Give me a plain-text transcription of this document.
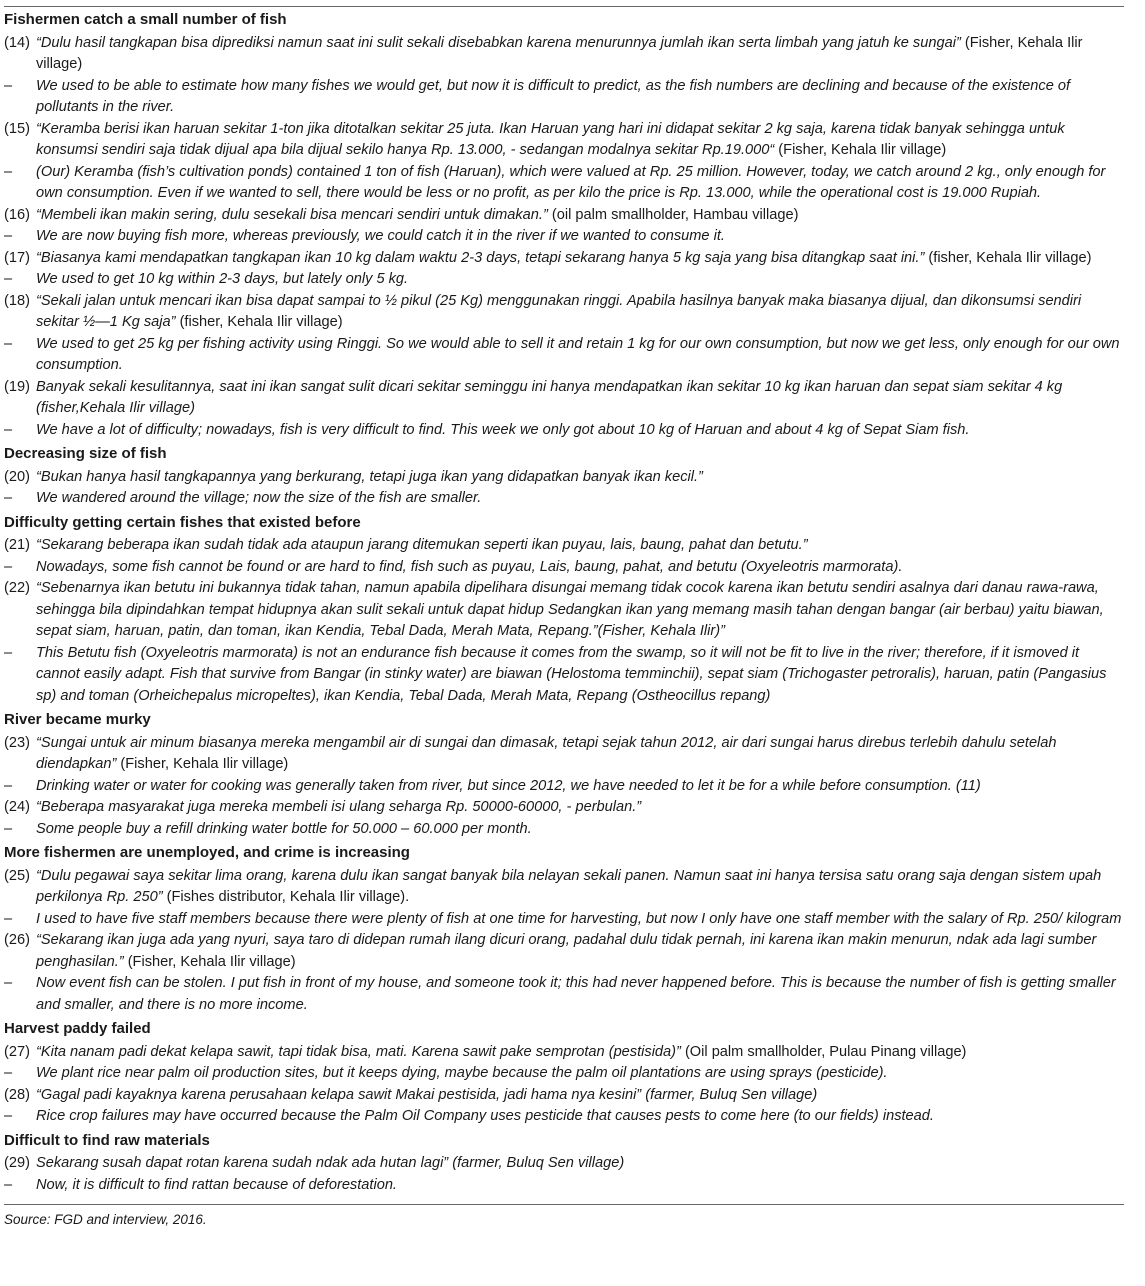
Fishermen catch a small number of fish
(14) “Dulu hasil tangkapan bisa diprediksi namun saat ini sulit sekali disebabkan karena menurunnya jumlah ikan serta limbah yang jatuh ke sungai” (Fisher, Kehala Ilir village)
– We used to be able to estimate how many fishes we would get, but now it is difficult to predict, as the fish numbers are declining and because of the existence of pollutants in the river.
(15) “Keramba berisi ikan haruan sekitar 1-ton jika ditotalkan sekitar 25 juta. Ikan Haruan yang hari ini didapat sekitar 2 kg saja, karena tidak banyak sehingga untuk konsumsi sendiri saja tidak dijual apa bila dijual sekilo hanya Rp. 13.000, - sedangan modalnya sekitar Rp.19.000“ (Fisher, Kehala Ilir village)
– (Our) Keramba (fish’s cultivation ponds) contained 1 ton of fish (Haruan), which were valued at Rp. 25 million. However, today, we catch around 2 kg., only enough for own consumption. Even if we wanted to sell, there would be less or no profit, as per kilo the price is Rp. 13.000, while the operational cost is 19.000 Rupiah.
(16) “Membeli ikan makin sering, dulu sesekali bisa mencari sendiri untuk dimakan.” (oil palm smallholder, Hambau village)
– We are now buying fish more, whereas previously, we could catch it in the river if we wanted to consume it.
(17) “Biasanya kami mendapatkan tangkapan ikan 10 kg dalam waktu 2-3 days, tetapi sekarang hanya 5 kg saja yang bisa ditangkap saat ini.” (fisher, Kehala Ilir village)
– We used to get 10 kg within 2-3 days, but lately only 5 kg.
(18) “Sekali jalan untuk mencari ikan bisa dapat sampai to ½ pikul (25 Kg) menggunakan ringgi. Apabila hasilnya banyak maka biasanya dijual, dan dikonsumsi sendiri sekitar ½—1 Kg saja” (fisher, Kehala Ilir village)
– We used to get 25 kg per fishing activity using Ringgi. So we would able to sell it and retain 1 kg for our own consumption, but now we get less, only enough for our own consumption.
(19) Banyak sekali kesulitannya, saat ini ikan sangat sulit dicari sekitar seminggu ini hanya mendapatkan ikan sekitar 10 kg ikan haruan dan sepat siam sekitar 4 kg (fisher,Kehala Ilir village)
– We have a lot of difficulty; nowadays, fish is very difficult to find. This week we only got about 10 kg of Haruan and about 4 kg of Sepat Siam fish.
Decreasing size of fish
(20) “Bukan hanya hasil tangkapannya yang berkurang, tetapi juga ikan yang didapatkan banyak ikan kecil.”
– We wandered around the village; now the size of the fish are smaller.
Difficulty getting certain fishes that existed before
(21) “Sekarang beberapa ikan sudah tidak ada ataupun jarang ditemukan seperti ikan puyau, lais, baung, pahat dan betutu.”
– Nowadays, some fish cannot be found or are hard to find, fish such as puyau, Lais, baung, pahat, and betutu (Oxyeleotris marmorata).
(22) “Sebenarnya ikan betutu ini bukannya tidak tahan, namun apabila dipelihara disungai memang tidak cocok karena ikan betutu sendiri asalnya dari danau rawa-rawa, sehingga bila dipindahkan tempat hidupnya akan sulit sekali untuk dapat hidup Sedangkan ikan yang memang masih tahan dengan bangar (air berbau) yaitu biawan, sepat siam, haruan, patin, dan toman, ikan Kendia, Tebal Dada, Merah Mata, Repang.”(Fisher, Kehala Ilir)”
– This Betutu fish (Oxyeleotris marmorata) is not an endurance fish because it comes from the swamp, so it will not be fit to live in the river; therefore, if it ismoved it cannot easily adapt. Fish that survive from Bangar (in stinky water) are biawan (Helostoma temminchii), sepat siam (Trichogaster petroralis), haruan, patin (Pangasius sp) and toman (Orheichepalus micropeltes), ikan Kendia, Tebal Dada, Merah Mata, Repang (Ostheocillus repang)
River became murky
(23) “Sungai untuk air minum biasanya mereka mengambil air di sungai dan dimasak, tetapi sejak tahun 2012, air dari sungai harus direbus terlebih dahulu setelah diendapkan” (Fisher, Kehala Ilir village)
– Drinking water or water for cooking was generally taken from river, but since 2012, we have needed to let it be for a while before consumption. (11)
(24) “Beberapa masyarakat juga mereka membeli isi ulang seharga Rp. 50000-60000, - perbulan.”
– Some people buy a refill drinking water bottle for 50.000 – 60.000 per month.
More fishermen are unemployed, and crime is increasing
(25) “Dulu pegawai saya sekitar lima orang, karena dulu ikan sangat banyak bila nelayan sekali panen. Namun saat ini hanya tersisa satu orang saja dengan sistem upah perkilonya Rp. 250” (Fishes distributor, Kehala Ilir village).
– I used to have five staff members because there were plenty of fish at one time for harvesting, but now I only have one staff member with the salary of Rp. 250/ kilogram
(26) “Sekarang ikan juga ada yang nyuri, saya taro di didepan rumah ilang dicuri orang, padahal dulu tidak pernah, ini karena ikan makin menurun, ndak ada lagi sumber penghasilan.” (Fisher, Kehala Ilir village)
– Now event fish can be stolen. I put fish in front of my house, and someone took it; this had never happened before. This is because the number of fish is getting smaller and smaller, and there is no more income.
Harvest paddy failed
(27) “Kita nanam padi dekat kelapa sawit, tapi tidak bisa, mati. Karena sawit pake semprotan (pestisida)” (Oil palm smallholder, Pulau Pinang village)
– We plant rice near palm oil production sites, but it keeps dying, maybe because the palm oil plantations are using sprays (pesticide).
(28) “Gagal padi kayaknya karena perusahaan kelapa sawit Makai pestisida, jadi hama nya kesini” (farmer, Buluq Sen village)
– Rice crop failures may have occurred because the Palm Oil Company uses pesticide that causes pests to come here (to our fields) instead.
Difficult to find raw materials
(29) Sekarang susah dapat rotan karena sudah ndak ada hutan lagi” (farmer, Buluq Sen village)
– Now, it is difficult to find rattan because of deforestation.
Source: FGD and interview, 2016.
